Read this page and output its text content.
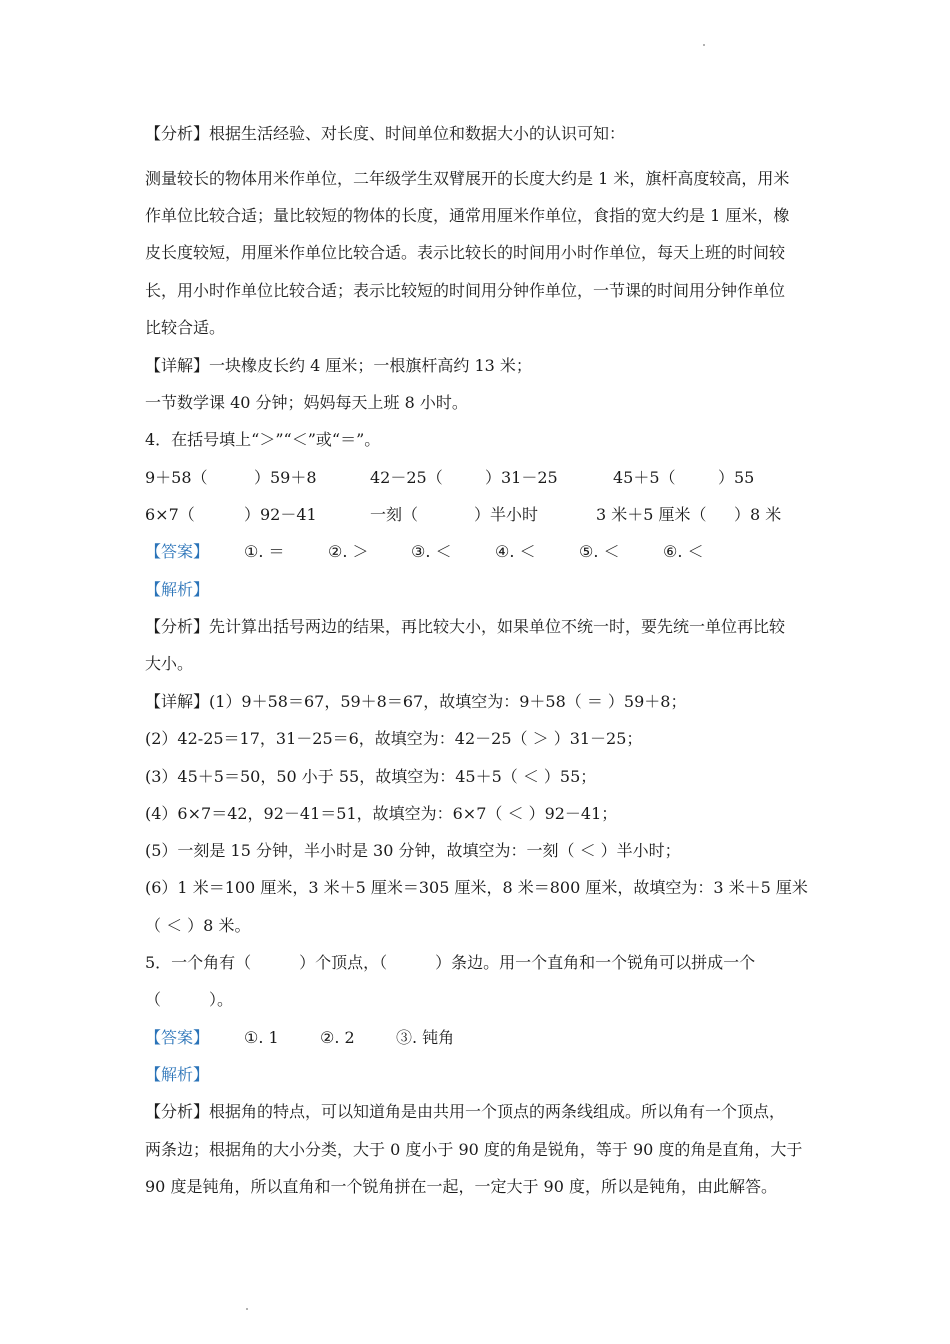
【分析】根据生活经验、对长度、时间单位和数据大小的认识可知：
测量较长的物体用米作单位，二年级学生双臂展开的长度大约是 1 米，旗杆高度较高，用米
作单位比较合适；量比较短的物体的长度，通常用厘米作单位，食指的宽大约是 1 厘米，橡
皮长度较短，用厘米作单位比较合适。表示比较长的时间用小时作单位，每天上班的时间较
长，用小时作单位比较合适；表示比较短的时间用分钟作单位，一节课的时间用分钟作单位
比较合适。
【详解】一块橡皮长约 4 厘米；一根旗杆高约 13 米；
一节数学课 40 分钟；妈妈每天上班 8 小时。
4．在括号填上“＞”“＜”或“＝”。
9＋58（	）59＋8	42－25（	）31－25	45＋5（	）55
6×7（	）92－41	一刻（	）半小时	3 米＋5 厘米（ ）8 米
【答案】 ①. ＝	②. ＞	③. ＜	④. ＜	⑤. ＜	⑥. ＜
【解析】
【分析】先计算出括号两边的结果，再比较大小，如果单位不统一时，要先统一单位再比较
大小。
【详解】(1）9＋58＝67，59＋8＝67，故填空为：9＋58（ ＝ ）59＋8；
(2）42-25＝17，31－25＝6，故填空为：42－25（ ＞ ）31－25；
(3）45＋5＝50，50 小于 55，故填空为：45＋5（ ＜ ）55；
(4）6×7＝42，92－41＝51，故填空为：6×7（ ＜ ）92－41；
(5）一刻是 15 分钟，半小时是 30 分钟，故填空为：一刻（ ＜ ）半小时；
(6）1 米＝100 厘米，3 米＋5 厘米＝305 厘米，8 米＝800 厘米，故填空为：3 米＋5 厘米
（ ＜ ）8 米。
5．一个角有（　　　）个顶点，（　　　）条边。用一个直角和一个锐角可以拼成一个
（　　　）。
【答案】 ①. 1	②. 2	③. 钝角
【解析】
【分析】根据角的特点，可以知道角是由共用一个顶点的两条线组成。所以角有一个顶点，
两条边；根据角的大小分类，大于 0 度小于 90 度的角是锐角，等于 90 度的角是直角，大于
90 度是钝角，所以直角和一个锐角拼在一起，一定大于 90 度，所以是钝角，由此解答。
